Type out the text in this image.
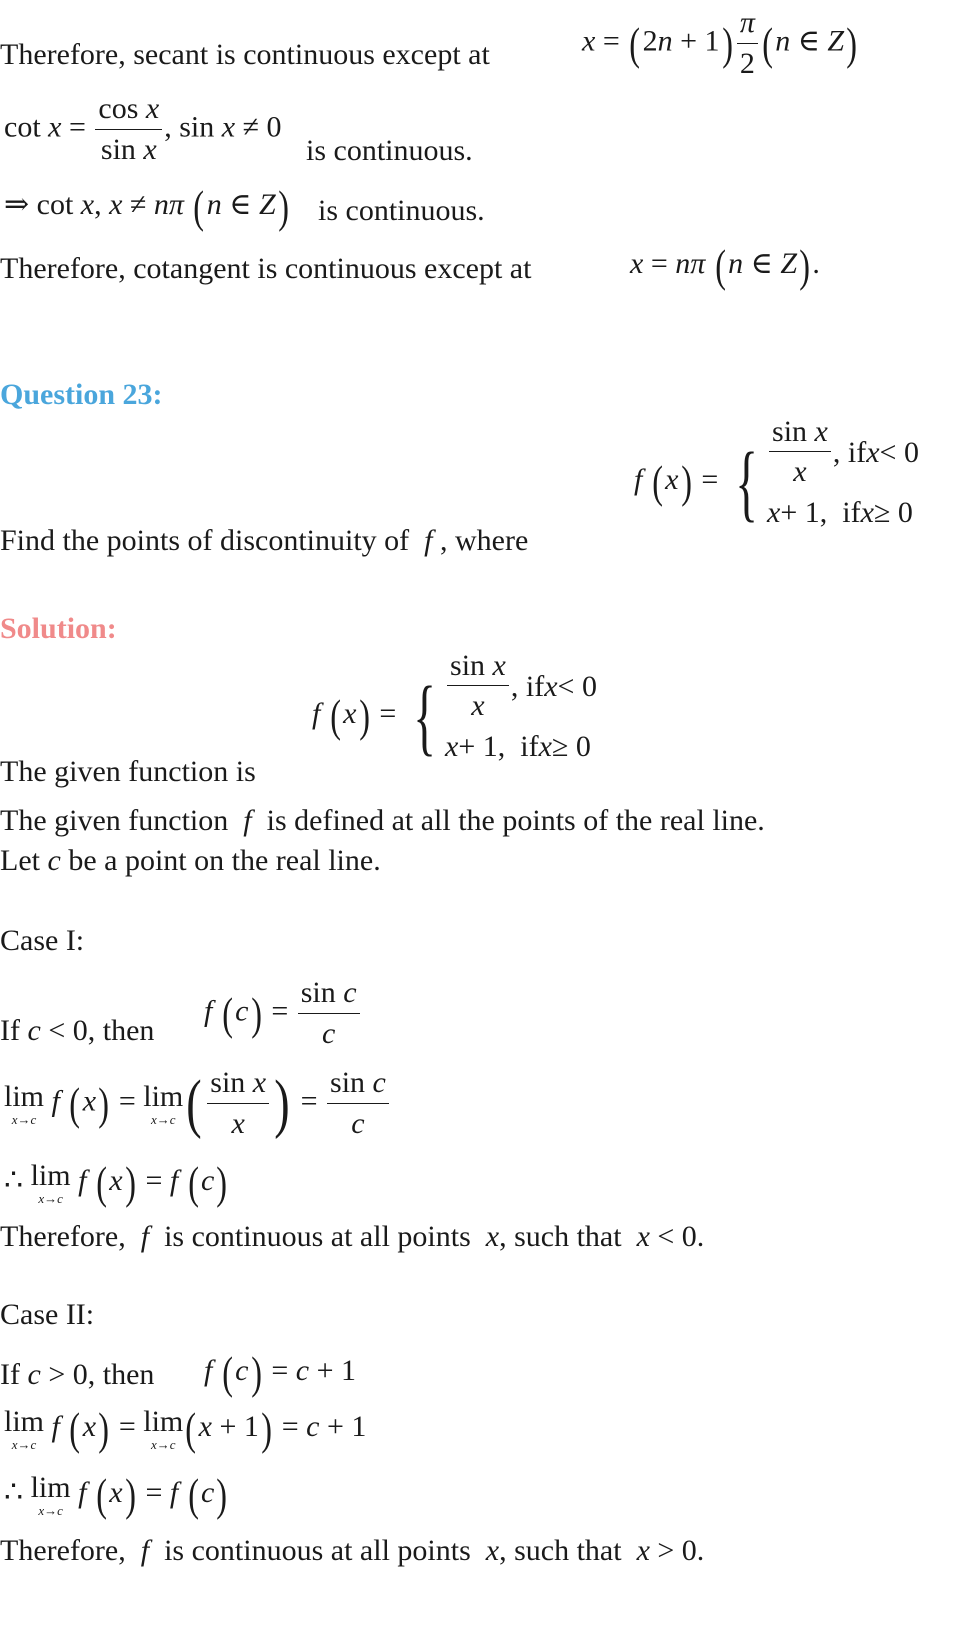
Therefore, secant is continuous except at	$x = (2n + 1) \frac{\pi}{2} (n$ ∈ Z)
$\cot x = \frac{\text{cos x}}{\text{sin x}}$ , sin x ≠ 0
is continuous.
⇒ cot x, x ≠ nπ (n ∈ Z) is continuous.
Therefore, cotangent is continuous except at	x = nπ (n ∈ Z).
Question 23:
f (x) = { $\frac{\text{sin x}}{x}$ , if x < 0
x + 1,  if x ≥ 0
Find the points of discontinuity of  f , where
Solution:
f (x) = { $\frac{\text{sin x}}{x}$ , if x < 0
x + 1,  if x ≥ 0
The given function is
The given function  f  is defined at all the points of the real line.
Let c be a point on the real line.
Case I:
If c < 0, then
f $(c) = \frac{\text{sin c}}{c}$
lim
x→c
f (x) = lim
x→c ( $\frac{\text{sin x}}{x}$ ) = $\frac{\text{sin c}}{c}$
∴ lim
x→c
f (x) = f (c)
Therefore,  f  is continuous at all points  x, such that  x < 0.
Case II:
If c > 0, then f (c) = c + 1
lim
x→c
f (x) = lim
x→c (x + 1) = c + 1
∴ lim
x→c
f (x) = f (c)
Therefore,  f  is continuous at all points  x, such that  x > 0.
